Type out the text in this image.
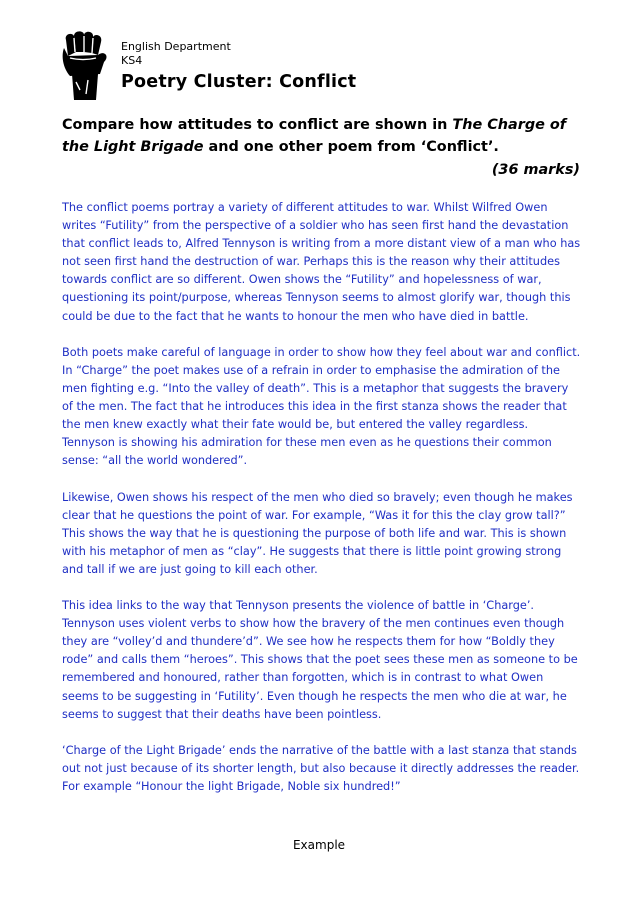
English Department
KS4
Poetry Cluster: Conflict
Compare how attitudes to conflict are shown in The Charge of the Light Brigade and one other poem from ‘Conflict’.
(36 marks)

The conflict poems portray a variety of different attitudes to war. Whilst Wilfred Owen writes “Futility” from the perspective of a soldier who has seen first hand the devastation that conflict leads to, Alfred Tennyson is writing from a more distant view of a man who has not seen first hand the destruction of war. Perhaps this is the reason why their attitudes towards conflict are so different. Owen shows the “Futility” and hopelessness of war, questioning its point/purpose, whereas Tennyson seems to almost glorify war, though this could be due to the fact that he wants to honour the men who have died in battle.

Both poets make careful of language in order to show how they feel about war and conflict. In “Charge” the poet makes use of a refrain in order to emphasise the admiration of the men fighting e.g. “Into the valley of death”. This is a metaphor that suggests the bravery of the men. The fact that he introduces this idea in the first stanza shows the reader that the men knew exactly what their fate would be, but entered the valley regardless. Tennyson is showing his admiration for these men even as he questions their common sense: “all the world wondered”.

Likewise, Owen shows his respect of the men who died so bravely; even though he makes clear that he questions the point of war. For example, “Was it for this the clay grow tall?” This shows the way that he is questioning the purpose of both life and war. This is shown with his metaphor of men as “clay”. He suggests that there is little point growing strong and tall if we are just going to kill each other.

This idea links to the way that Tennyson presents the violence of battle in ‘Charge’. Tennyson uses violent verbs to show how the bravery of the men continues even though they are “volley’d and thundere’d”. We see how he respects them for how “Boldly they rode” and calls them “heroes”. This shows that the poet sees these men as someone to be remembered and honoured, rather than forgotten, which is in contrast to what Owen seems to be suggesting in ‘Futility’. Even though he respects the men who die at war, he seems to suggest that their deaths have been pointless.

‘Charge of the Light Brigade’ ends the narrative of the battle with a last stanza that stands out not just because of its shorter length, but also because it directly addresses the reader. For example “Honour the light Brigade, Noble six hundred!”

Example
